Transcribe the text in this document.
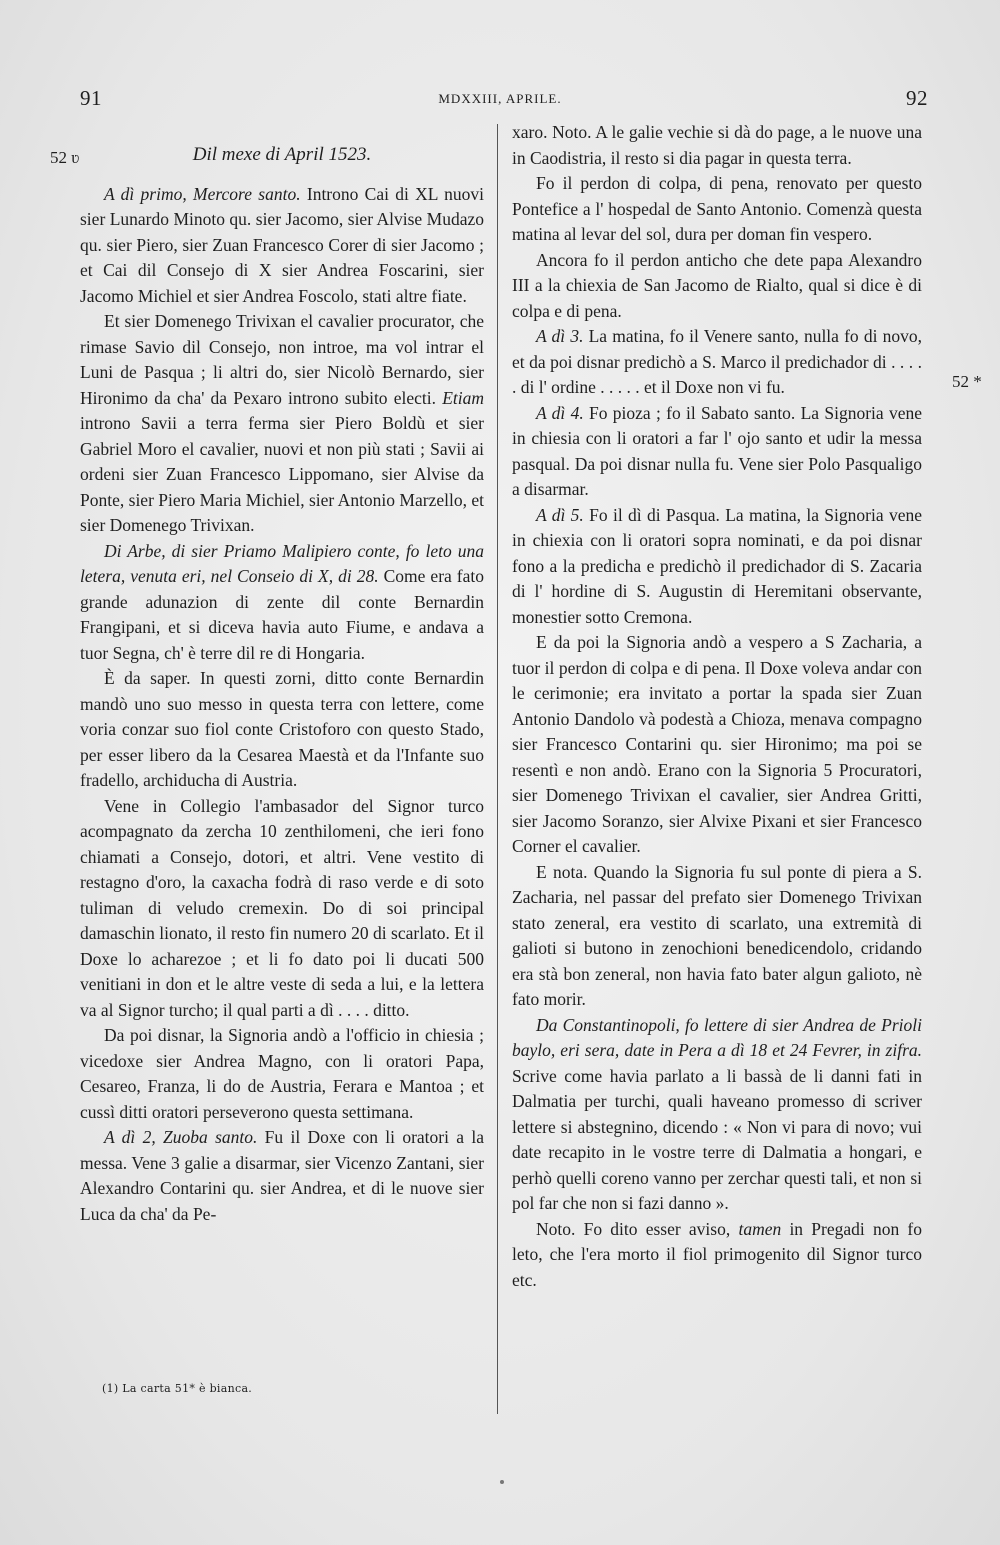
91	MDXXIII, APRILE.	92
52 ʋ
52 *

Dil mexe di April 1523.

A dì primo, Mercore santo. Introno Cai di XL nuovi sier Lunardo Minoto qu. sier Jacomo, sier Alvise Mudazo qu. sier Piero, sier Zuan Francesco Corer di sier Jacomo ; et Cai dil Consejo di X sier Andrea Foscarini, sier Jacomo Michiel et sier Andrea Foscolo, stati altre fiate.

Et sier Domenego Trivixan el cavalier procurator, che rimase Savio dil Consejo, non introe, ma vol intrar el Luni de Pasqua ; li altri do, sier Nicolò Bernardo, sier Hironimo da cha' da Pexaro introno subito electi. Etiam introno Savii a terra ferma sier Piero Boldù et sier Gabriel Moro el cavalier, nuovi et non più stati ; Savii ai ordeni sier Zuan Francesco Lippomano, sier Alvise da Ponte, sier Piero Maria Michiel, sier Antonio Marzello, et sier Domenego Trivixan.

Di Arbe, di sier Priamo Malipiero conte, fo leto una letera, venuta eri, nel Conseio di X, di 28. Come era fato grande adunazion di zente dil conte Bernardin Frangipani, et si diceva havia auto Fiume, e andava a tuor Segna, ch' è terre dil re di Hongaria.

È da saper. In questi zorni, ditto conte Bernardin mandò uno suo messo in questa terra con lettere, come voria conzar suo fiol conte Cristoforo con questo Stado, per esser libero da la Cesarea Maestà et da l'Infante suo fradello, archiducha di Austria.

Vene in Collegio l'ambasador del Signor turco acompagnato da zercha 10 zenthilomeni, che ieri fono chiamati a Consejo, dotori, et altri. Vene vestito di restagno d'oro, la caxacha fodrà di raso verde e di soto tuliman di veludo cremexin. Do di soi principal damaschin lionato, il resto fin numero 20 di scarlato. Et il Doxe lo acharezoe ; et li fo dato poi li ducati 500 venitiani in don et le altre veste di seda a lui, e la lettera va al Signor turcho; il qual parti a dì . . . . ditto.

Da poi disnar, la Signoria andò a l'officio in chiesia ; vicedoxe sier Andrea Magno, con li oratori Papa, Cesareo, Franza, li do de Austria, Ferara e Mantoa ; et cussì ditti oratori perseverono questa settimana.

A dì 2, Zuoba santo. Fu il Doxe con li oratori a la messa. Vene 3 galie a disarmar, sier Vicenzo Zantani, sier Alexandro Contarini qu. sier Andrea, et di le nuove sier Luca da cha' da Pe-

xaro. Noto. A le galie vechie si dà do page, a le nuove una in Caodistria, il resto si dia pagar in questa terra.

Fo il perdon di colpa, di pena, renovato per questo Pontefice a l' hospedal de Santo Antonio. Comenzà questa matina al levar del sol, dura per doman fin vespero.

Ancora fo il perdon anticho che dete papa Alexandro III a la chiexia de San Jacomo de Rialto, qual si dice è di colpa e di pena.

A dì 3. La matina, fo il Venere santo, nulla fo di novo, et da poi disnar predichò a S. Marco il predichador di . . . . . di l' ordine . . . . . et il Doxe non vi fu.

A dì 4. Fo pioza ; fo il Sabato santo. La Signoria vene in chiesia con li oratori a far l' ojo santo et udir la messa pasqual. Da poi disnar nulla fu. Vene sier Polo Pasqualigo a disarmar.

A dì 5. Fo il dì di Pasqua. La matina, la Signoria vene in chiexia con li oratori sopra nominati, e da poi disnar fono a la predicha e predichò il predichador di S. Zacaria di l' hordine di S. Augustin di Heremitani observante, monestier sotto Cremona.

E da poi la Signoria andò a vespero a S Zacharia, a tuor il perdon di colpa e di pena. Il Doxe voleva andar con le cerimonie; era invitato a portar la spada sier Zuan Antonio Dandolo và podestà a Chioza, menava compagno sier Francesco Contarini qu. sier Hironimo; ma poi se resentì e non andò. Erano con la Signoria 5 Procuratori, sier Domenego Trivixan el cavalier, sier Andrea Gritti, sier Jacomo Soranzo, sier Alvixe Pixani et sier Francesco Corner el cavalier.

E nota. Quando la Signoria fu sul ponte di piera a S. Zacharia, nel passar del prefato sier Domenego Trivixan stato zeneral, era vestito di scarlato, una extremità di galioti si butono in zenochioni benedicendolo, cridando era stà bon zeneral, non havia fato bater algun galioto, nè fato morir.

Da Constantinopoli, fo lettere di sier Andrea de Prioli baylo, eri sera, date in Pera a dì 18 et 24 Fevrer, in zifra. Scrive come havia parlato a li bassà de li danni fati in Dalmatia per turchi, quali haveano promesso di scriver lettere si abstegnino, dicendo : « Non vi para di novo; vui date recapito in le vostre terre di Dalmatia a hongari, e perhò quelli coreno vanno per zerchar questi tali, et non si pol far che non si fazi danno ».

Noto. Fo dito esser aviso, tamen in Pregadi non fo leto, che l'era morto il fiol primogenito dil Signor turco etc.

(1) La carta 51* è bianca.
